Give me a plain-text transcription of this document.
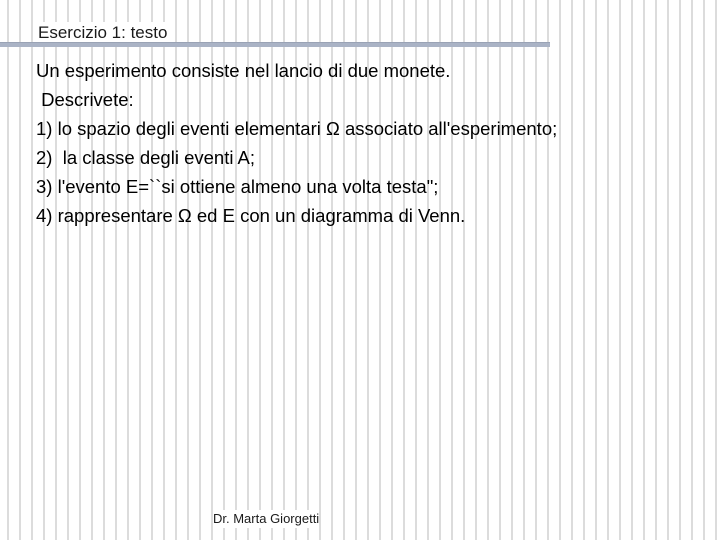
Esercizio 1: testo
Un esperimento consiste nel lancio di due monete.
Descrivete:
1) lo spazio degli eventi elementari Ω associato all'esperimento;
2)  la classe degli eventi A;
3) l'evento E=``si ottiene almeno una volta testa";
4) rappresentare Ω ed E con un diagramma di Venn.
Dr. Marta Giorgetti
